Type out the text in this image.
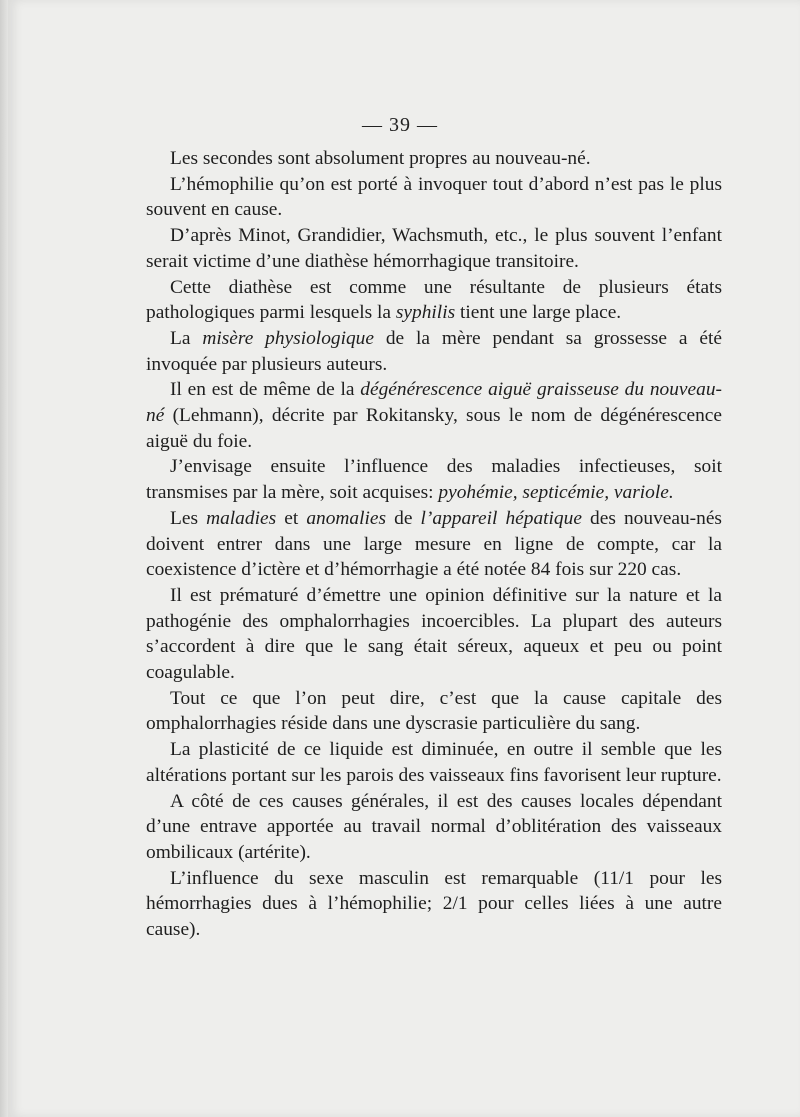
— 39 —

Les secondes sont absolument propres au nouveau-né.

L’hémophilie qu’on est porté à invoquer tout d’abord n’est pas le plus souvent en cause.

D’après Minot, Grandidier, Wachsmuth, etc., le plus souvent l’enfant serait victime d’une diathèse hémorrhagique transitoire.

Cette diathèse est comme une résultante de plusieurs états pathologiques parmi lesquels la syphilis tient une large place.

La misère physiologique de la mère pendant sa grossesse a été invoquée par plusieurs auteurs.

Il en est de même de la dégénérescence aiguë graisseuse du nouveau-né (Lehmann), décrite par Rokitansky, sous le nom de dégénérescence aiguë du foie.

J’envisage ensuite l’influence des maladies infectieuses, soit transmises par la mère, soit acquises: pyohémie, septicémie, variole.

Les maladies et anomalies de l’appareil hépatique des nouveau-nés doivent entrer dans une large mesure en ligne de compte, car la coexistence d’ictère et d’hémorrhagie a été notée 84 fois sur 220 cas.

Il est prématuré d’émettre une opinion définitive sur la nature et la pathogénie des omphalorrhagies incoercibles. La plupart des auteurs s’accordent à dire que le sang était séreux, aqueux et peu ou point coagulable.

Tout ce que l’on peut dire, c’est que la cause capitale des omphalorrhagies réside dans une dyscrasie particulière du sang.

La plasticité de ce liquide est diminuée, en outre il semble que les altérations portant sur les parois des vaisseaux fins favorisent leur rupture.

A côté de ces causes générales, il est des causes locales dépendant d’une entrave apportée au travail normal d’oblitération des vaisseaux ombilicaux (artérite).

L’influence du sexe masculin est remarquable (11/1 pour les hémorrhagies dues à l’hémophilie; 2/1 pour celles liées à une autre cause).
